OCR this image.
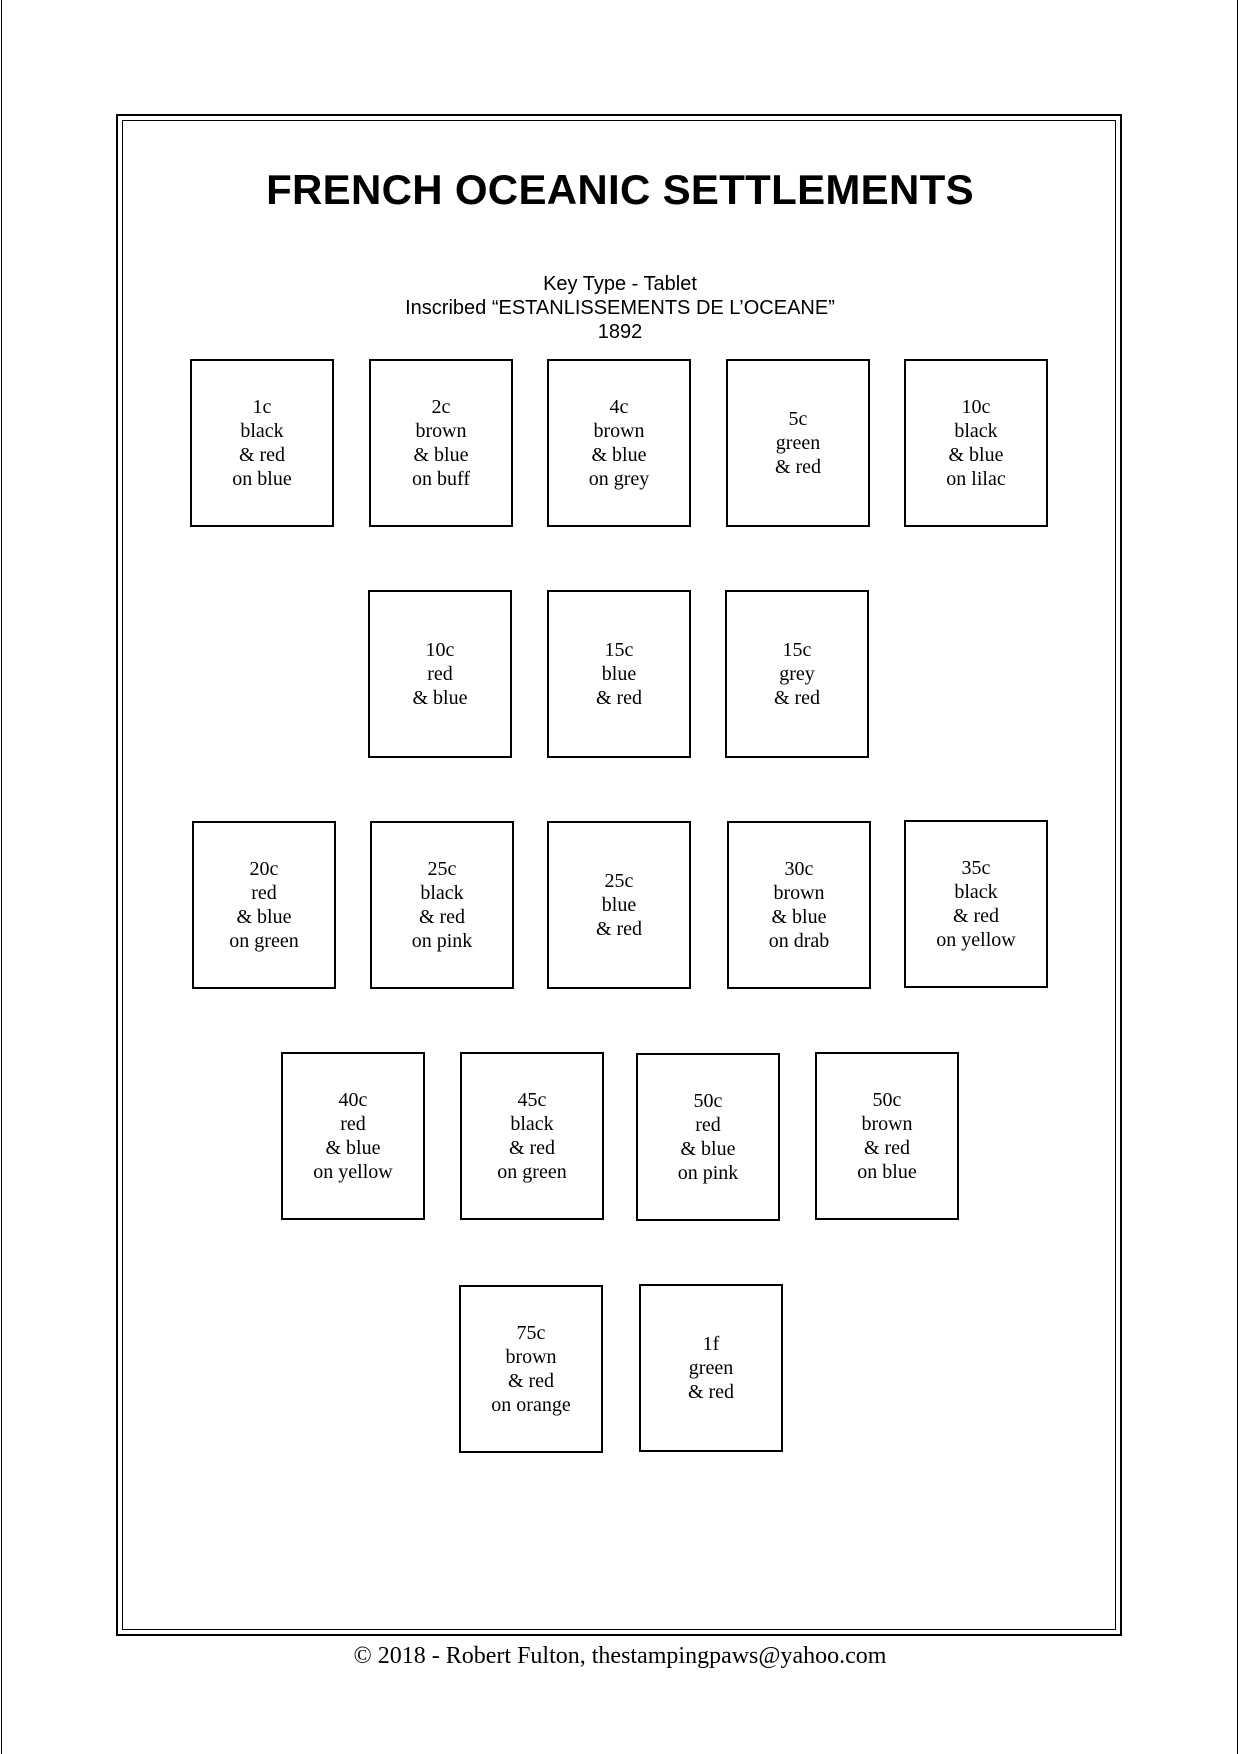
FRENCH OCEANIC SETTLEMENTS
Key Type - Tablet
Inscribed “ESTANLISSEMENTS DE L’OCEANE”
1892
1c
black
& red
on blue
2c
brown
& blue
on buff
4c
brown
& blue
on grey
5c
green
& red
10c
black
& blue
on lilac
10c
red
& blue
15c
blue
& red
15c
grey
& red
20c
red
& blue
on green
25c
black
& red
on pink
25c
blue
& red
30c
brown
& blue
on drab
35c
black
& red
on yellow
40c
red
& blue
on yellow
45c
black
& red
on green
50c
red
& blue
on pink
50c
brown
& red
on blue
75c
brown
& red
on orange
1f
green
& red
© 2018 - Robert Fulton, thestampingpaws@yahoo.com
